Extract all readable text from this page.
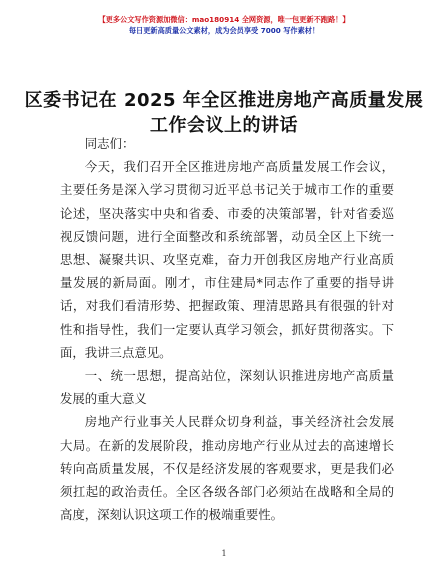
【更多公文写作资源加微信：mao180914 全网资源，唯一包更新不跑路！】
每日更新高质量公文素材，成为会员享受 7000 写作素材！
区委书记在 2025 年全区推进房地产高质量发展
工作会议上的讲话

同志们：

今天，我们召开全区推进房地产高质量发展工作会议，主要任务是深入学习贯彻习近平总书记关于城市工作的重要论述，坚决落实中央和省委、市委的决策部署，针对省委巡视反馈问题，进行全面整改和系统部署，动员全区上下统一思想、凝聚共识、攻坚克难，奋力开创我区房地产行业高质量发展的新局面。刚才，市住建局*同志作了重要的指导讲话，对我们看清形势、把握政策、理清思路具有很强的针对性和指导性，我们一定要认真学习领会，抓好贯彻落实。下面，我讲三点意见。

一、统一思想，提高站位，深刻认识推进房地产高质量发展的重大意义

房地产行业事关人民群众切身利益，事关经济社会发展大局。在新的发展阶段，推动房地产行业从过去的高速增长转向高质量发展，不仅是经济发展的客观要求，更是我们必须扛起的政治责任。全区各级各部门必须站在战略和全局的高度，深刻认识这项工作的极端重要性。

1
